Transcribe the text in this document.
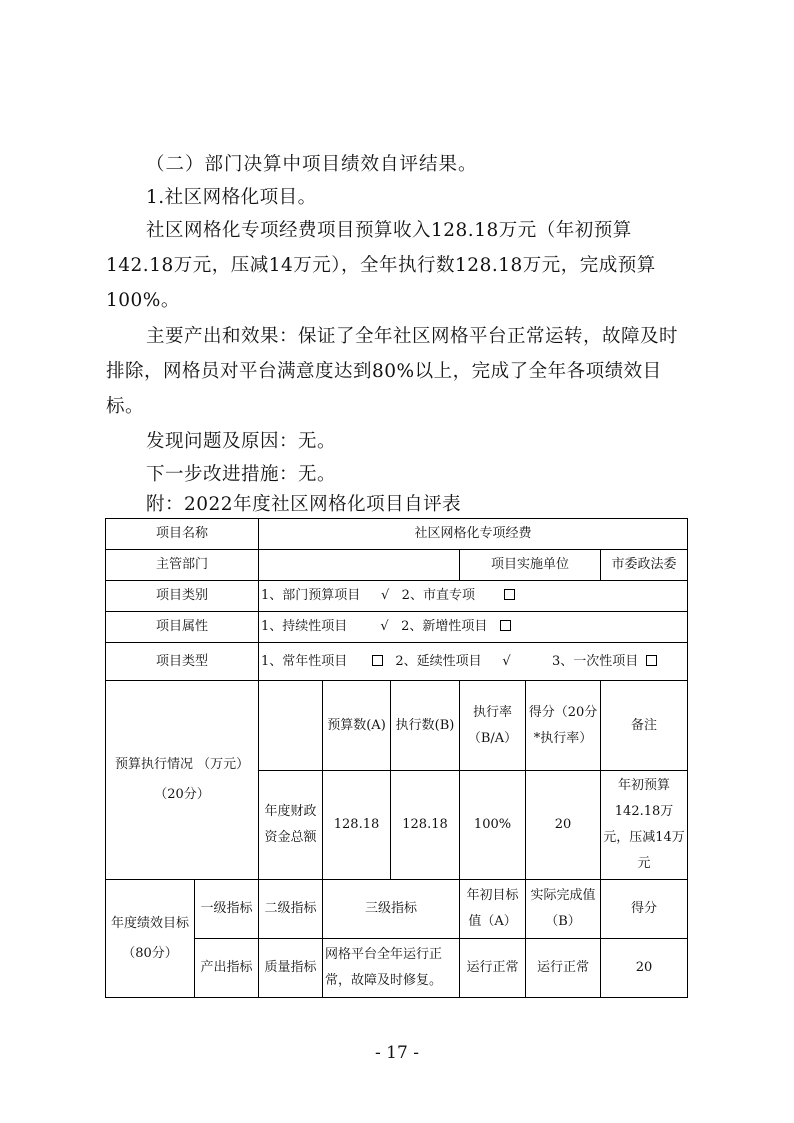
（二）部门决算中项目绩效自评结果。

1.社区网格化项目。

社区网格化专项经费项目预算收入128.18万元（年初预算142.18万元，压减14万元），全年执行数128.18万元，完成预算100%。

主要产出和效果：保证了全年社区网格平台正常运转，故障及时排除，网格员对平台满意度达到80%以上，完成了全年各项绩效目标。

发现问题及原因：无。

下一步改进措施：无。

附：2022年度社区网格化项目自评表

项目名称		社区网格化专项经费					
主管部门					项目实施单位		市委政法委
项目类别		1、部门预算项目 √ 2、市直专项					
项目属性		1、持续性项目 √ 2、新增性项目					
项目类型		1、常年性项目 2、延续性项目 √ 3、一次性项目					

预算执行情况 （万元）
（20分）			预算数(A)	执行数(B)	执行率（B/A）	得分（20分*执行率）	备注
		年度财政资金总额	128.18	128.18	100%	20	年初预算142.18万元，压减14万元

年度绩效目标
（80分）	一级指标	二级指标	三级指标		年初目标值（A）	实际完成值（B）	得分
	产出指标	质量指标	网格平台全年运行正常，故障及时修复。		运行正常	运行正常	20
- 17 -
